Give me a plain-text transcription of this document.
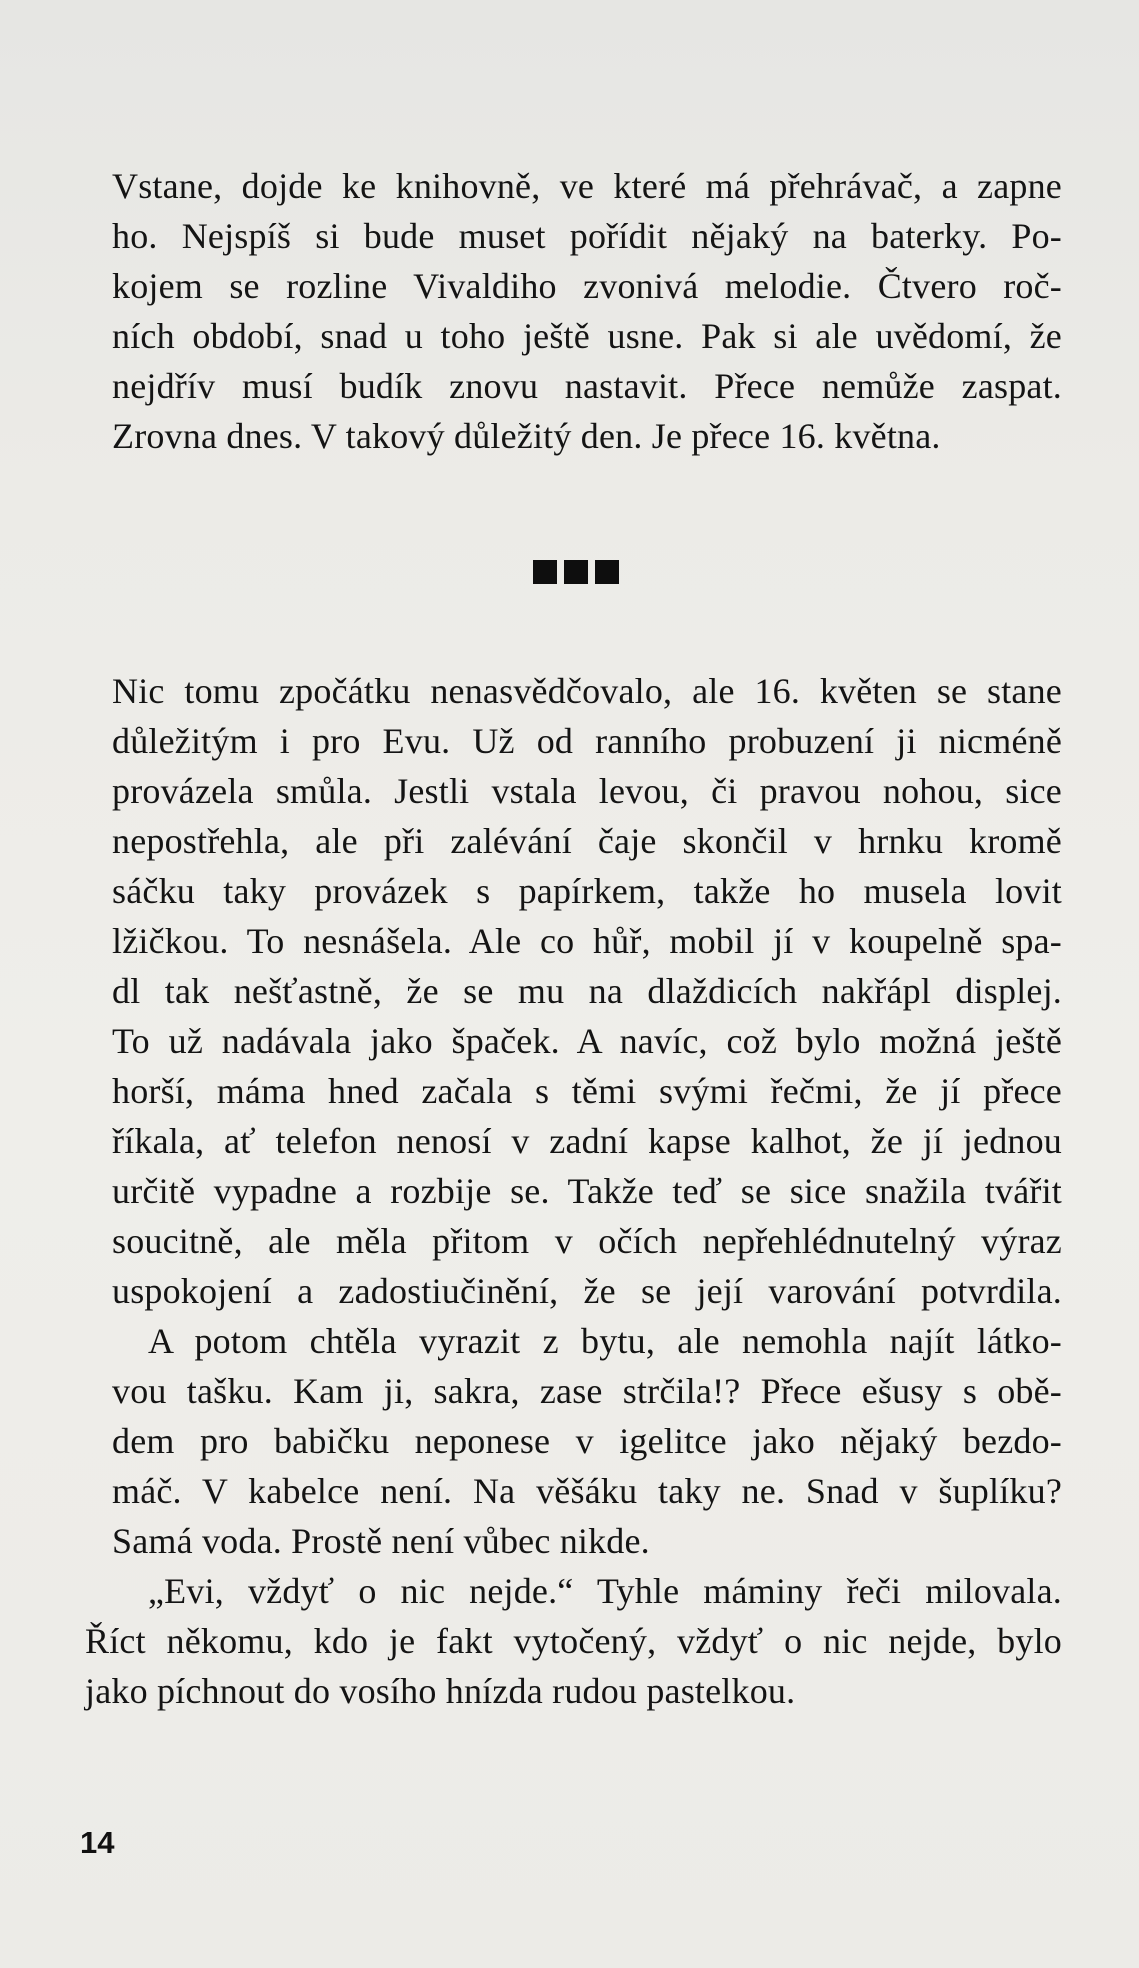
Vstane, dojde ke knihovně, ve které má přehrávač, a zapne
ho. Nejspíš si bude muset pořídit nějaký na baterky. Po-
kojem se rozline Vivaldiho zvonivá melodie. Čtvero roč-
ních období, snad u toho ještě usne. Pak si ale uvědomí, že
nejdřív musí budík znovu nastavit. Přece nemůže zaspat.
Zrovna dnes. V takový důležitý den. Je přece 16. května.
Nic tomu zpočátku nenasvědčovalo, ale 16. květen se stane
důležitým i pro Evu. Už od ranního probuzení ji nicméně
provázela smůla. Jestli vstala levou, či pravou nohou, sice
nepostřehla, ale při zalévání čaje skončil v hrnku kromě
sáčku taky provázek s papírkem, takže ho musela lovit
lžičkou. To nesnášela. Ale co hůř, mobil jí v koupelně spa-
dl tak nešťastně, že se mu na dlaždicích nakřápl displej.
To už nadávala jako špaček. A navíc, což bylo možná ještě
horší, máma hned začala s těmi svými řečmi, že jí přece
říkala, ať telefon nenosí v zadní kapse kalhot, že jí jednou
určitě vypadne a rozbije se. Takže teď se sice snažila tvářit
soucitně, ale měla přitom v očích nepřehlédnutelný výraz
uspokojení a zadostiučinění, že se její varování potvrdila.
A potom chtěla vyrazit z bytu, ale nemohla najít látko-
vou tašku. Kam ji, sakra, zase strčila!? Přece ešusy s obě-
dem pro babičku neponese v igelitce jako nějaký bezdo-
máč. V kabelce není. Na věšáku taky ne. Snad v šuplíku?
Samá voda. Prostě není vůbec nikde.
„Evi, vždyť o nic nejde.“ Tyhle máminy řeči milovala.
Říct někomu, kdo je fakt vytočený, vždyť o nic nejde, bylo
jako píchnout do vosího hnízda rudou pastelkou.
14
